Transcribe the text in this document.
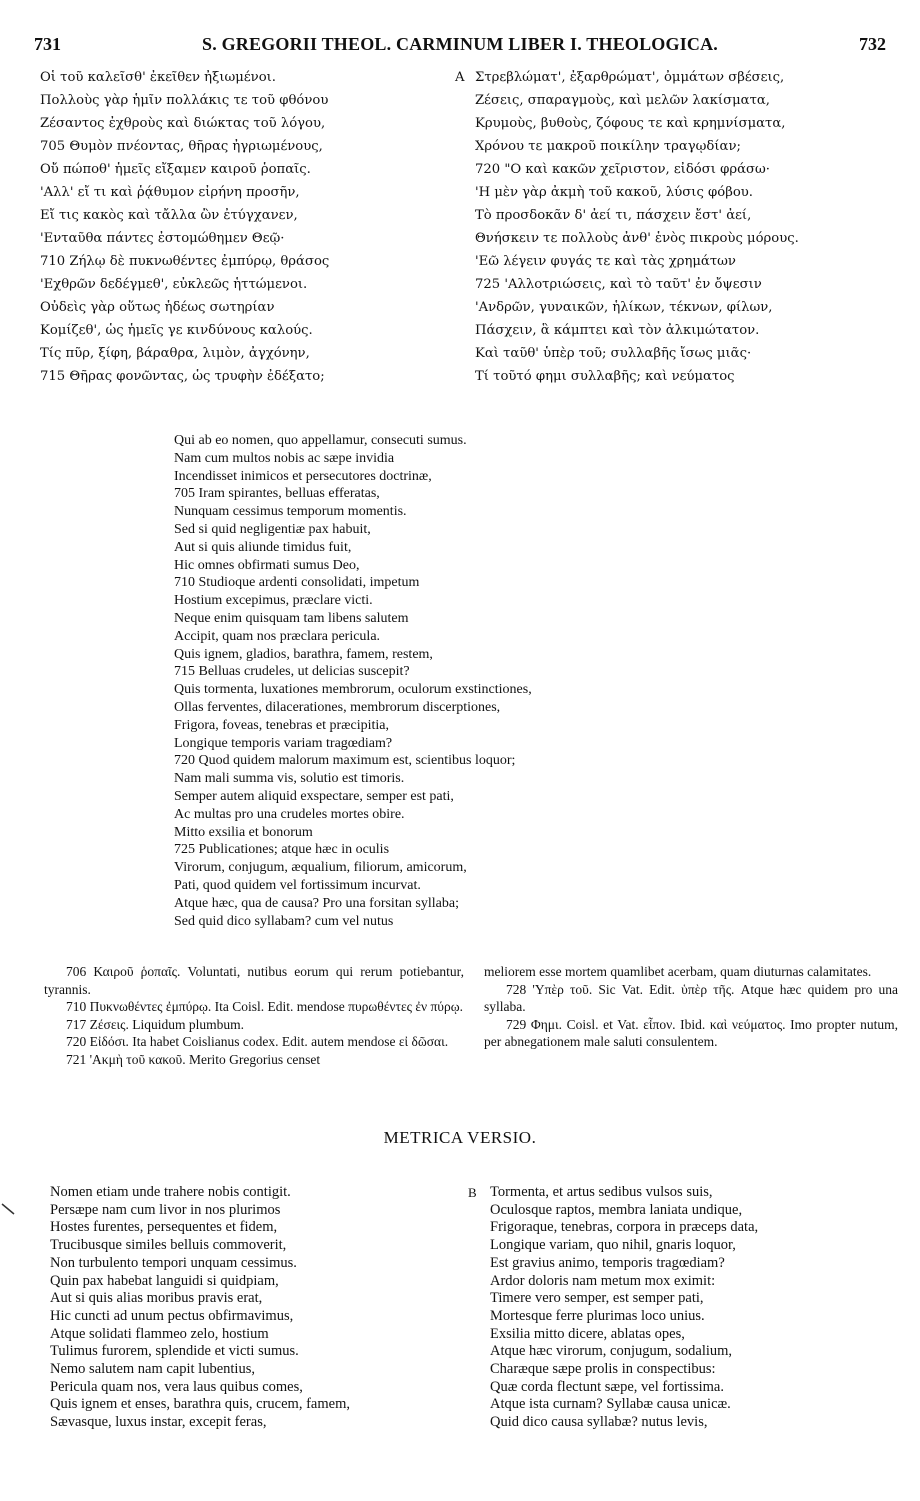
731	S. GREGORII THEOL. CARMINUM LIBER I. THEOLOGICA.	732
Οἱ τοῦ καλεῖσθ' ἐκεῖθεν ἠξιωμένοι.
Πολλοὺς γὰρ ἡμῖν πολλάκις τε τοῦ φθόνου
Ζέσαντος ἐχθροὺς καὶ διώκτας τοῦ λόγου,
705 Θυμὸν πνέοντας, θῆρας ἠγριωμένους,
Οὔ πώποθ' ἡμεῖς εἴξαμεν καιροῦ ῥοπαῖς.
'Αλλ' εἴ τι καὶ ῥᾴθυμον εἰρήνη προσῆν,
Εἴ τις κακὸς καὶ τἄλλα ὢν ἐτύγχανεν,
'Ενταῦθα πάντες ἐστομώθημεν Θεῷ·
710 Ζήλῳ δὲ πυκνωθέντες ἐμπύρῳ, θράσος
'Εχθρῶν δεδέγμεθ', εὐκλεῶς ἡττώμενοι.
Οὐδεὶς γὰρ οὕτως ἡδέως σωτηρίαν
Κομίζεθ', ὡς ἡμεῖς γε κινδύνους καλούς.
Τίς πῦρ, ξίφη, βάραθρα, λιμὸν, ἀγχόνην,
715 Θῆρας φονῶντας, ὡς τρυφὴν ἐδέξατο;
A Στρεβλώματ', ἐξαρθρώματ', ὀμμάτων σβέσεις,
Ζέσεις, σπαραγμοὺς, καὶ μελῶν λακίσματα,
Κρυμοὺς, βυθοὺς, ζόφους τε καὶ κρημνίσματα,
Χρόνου τε μακροῦ ποικίλην τραγῳδίαν;
720 "Ο καὶ κακῶν χεῖριστον, εἰδόσι φράσω·
'Η μὲν γὰρ ἀκμὴ τοῦ κακοῦ, λύσις φόβου.
Τὸ προσδοκᾶν δ' ἀεί τι, πάσχειν ἔστ' ἀεί,
Θνήσκειν τε πολλοὺς ἀνθ' ἑνὸς πικροὺς μόρους.
'Εῶ λέγειν φυγάς τε καὶ τὰς χρημάτων
725 'Αλλοτριώσεις, καὶ τὸ ταῦτ' ἐν ὄψεσιν
'Ανδρῶν, γυναικῶν, ἡλίκων, τέκνων, φίλων,
Πάσχειν, ἃ κάμπτει καὶ τὸν ἀλκιμώτατον.
Καὶ ταῦθ' ὑπὲρ τοῦ; συλλαβῆς ἴσως μιᾶς·
Τί τοῦτό φημι συλλαβῆς; καὶ νεύματος
Qui ab eo nomen, quo appellamur, consecuti sumus.
Nam cum multos nobis ac sæpe invidia
Incendisset inimicos et persecutores doctrinæ,
705 Iram spirantes, belluas efferatas,
Nunquam cessimus temporum momentis.
Sed si quid negligentiæ pax habuit,
Aut si quis aliunde timidus fuit,
Hic omnes obfirmati sumus Deo,
710 Studioque ardenti consolidati, impetum
Hostium excepimus, præclare victi.
Neque enim quisquam tam libens salutem
Accipit, quam nos præclara pericula.
Quis ignem, gladios, barathra, famem, restem,
715 Belluas crudeles, ut delicias suscepit?
Quis tormenta, luxationes membrorum, oculorum exstinctiones,
Ollas ferventes, dilacerationes, membrorum discerptiones,
Frigora, foveas, tenebras et præcipitia,
Longique temporis variam tragœdiam?
720 Quod quidem malorum maximum est, scientibus loquor;
Nam mali summa vis, solutio est timoris.
Semper autem aliquid exspectare, semper est pati,
Ac multas pro una crudeles mortes obire.
Mitto exsilia et bonorum
725 Publicationes; atque hæc in oculis
Virorum, conjugum, æqualium, filiorum, amicorum,
Pati, quod quidem vel fortissimum incurvat.
Atque hæc, qua de causa? Pro una forsitan syllaba;
Sed quid dico syllabam? cum vel nutus

706 Καιροῦ ῥοπαῖς. Voluntati, nutibus eorum qui rerum potiebantur, tyrannis.

710 Πυκνωθέντες ἐμπύρῳ. Ita Coisl. Edit. mendose πυρωθέντες ἐν πύρῳ.

717 Ζέσεις. Liquidum plumbum.

720 Εἰδόσι. Ita habet Coislianus codex. Edit. autem mendose εἰ δῶσαι.

721 'Ακμὴ τοῦ κακοῦ. Merito Gregorius censet

meliorem esse mortem quamlibet acerbam, quam diuturnas calamitates.

728 'Υπὲρ τοῦ. Sic Vat. Edit. ὑπὲρ τῆς. Atque hæc quidem pro una syllaba.

729 Φημι. Coisl. et Vat. εἶπον. Ibid. καὶ νεύματος. Imo propter nutum, per abnegationem male saluti consulentem.

METRICA VERSIO.
Nomen etiam unde trahere nobis contigit.
Persæpe nam cum livor in nos plurimos
Hostes furentes, persequentes et fidem,
Trucibusque similes belluis commoverit,
Non turbulento tempori unquam cessimus.
Quin pax habebat languidi si quidpiam,
Aut si quis alias moribus pravis erat,
Hic cuncti ad unum pectus obfirmavimus,
Atque solidati flammeo zelo, hostium
Tulimus furorem, splendide et victi sumus.
Nemo salutem nam capit lubentius,
Pericula quam nos, vera laus quibus comes,
Quis ignem et enses, barathra quis, crucem, famem,
Sævasque, luxus instar, excepit feras,
B Tormenta, et artus sedibus vulsos suis,
Oculosque raptos, membra laniata undique,
Frigoraque, tenebras, corpora in præceps data,
Longique variam, quo nihil, gnaris loquor,
Est gravius animo, temporis tragœdiam?
Ardor doloris nam metum mox eximit:
Timere vero semper, est semper pati,
Mortesque ferre plurimas loco unius.
Exsilia mitto dicere, ablatas opes,
Atque hæc virorum, conjugum, sodalium,
Charæque sæpe prolis in conspectibus:
Quæ corda flectunt sæpe, vel fortissima.
Atque ista curnam? Syllabæ causa unicæ.
Quid dico causa syllabæ? nutus levis,
